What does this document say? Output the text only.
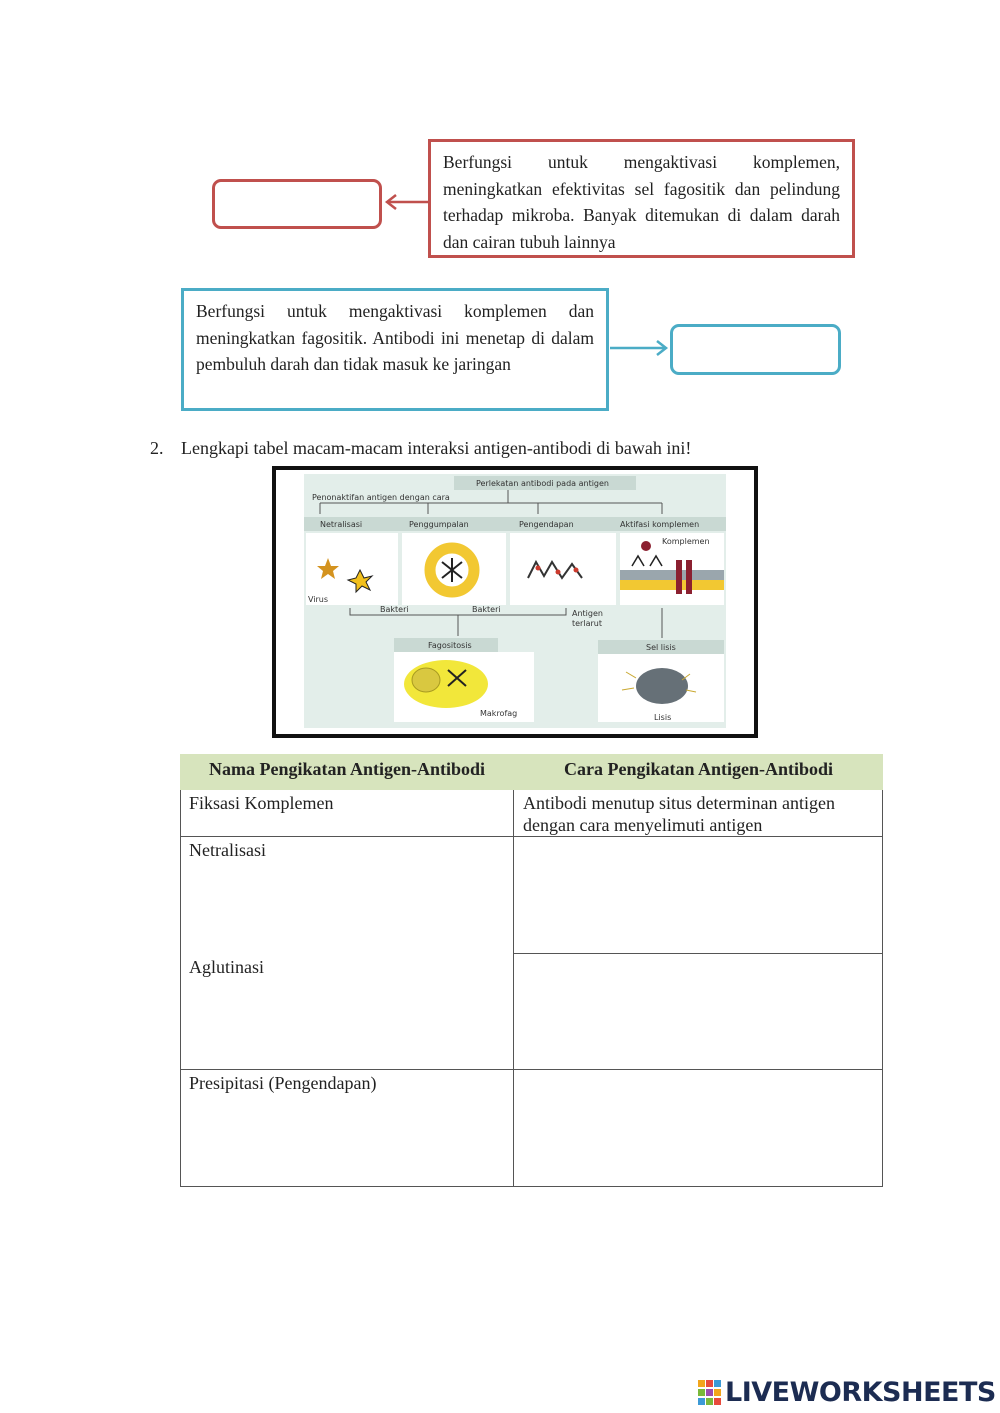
Berfungsi untuk mengaktivasi komplemen, meningkatkan efektivitas sel fagositik dan pelindung terhadap mikroba. Banyak ditemukan di dalam darah dan cairan tubuh lainnya
Berfungsi untuk mengaktivasi komplemen dan meningkatkan fagositik. Antibodi ini menetap di dalam pembuluh darah dan tidak masuk ke jaringan
2. Lengkapi tabel macam-macam interaksi antigen-antibodi di bawah ini!
Perlekatan antibodi pada antigen
Penonaktifan antigen dengan cara
Netralisasi	Penggumpalan	Pengendapan	Aktifasi komplemen
Virus
Komplemen
Bakteri	Bakteri	Antigen
terlarut
Fagositosis
Makrofag
Sel lisis
Lisis
Nama Pengikatan Antigen-Antibodi	Cara Pengikatan Antigen-Antibodi
Fiksasi Komplemen	Antibodi menutup situs determinan antigen dengan cara menyelimuti antigen
Netralisasi
Aglutinasi
Presipitasi (Pengendapan)
LIVEWORKSHEETS
